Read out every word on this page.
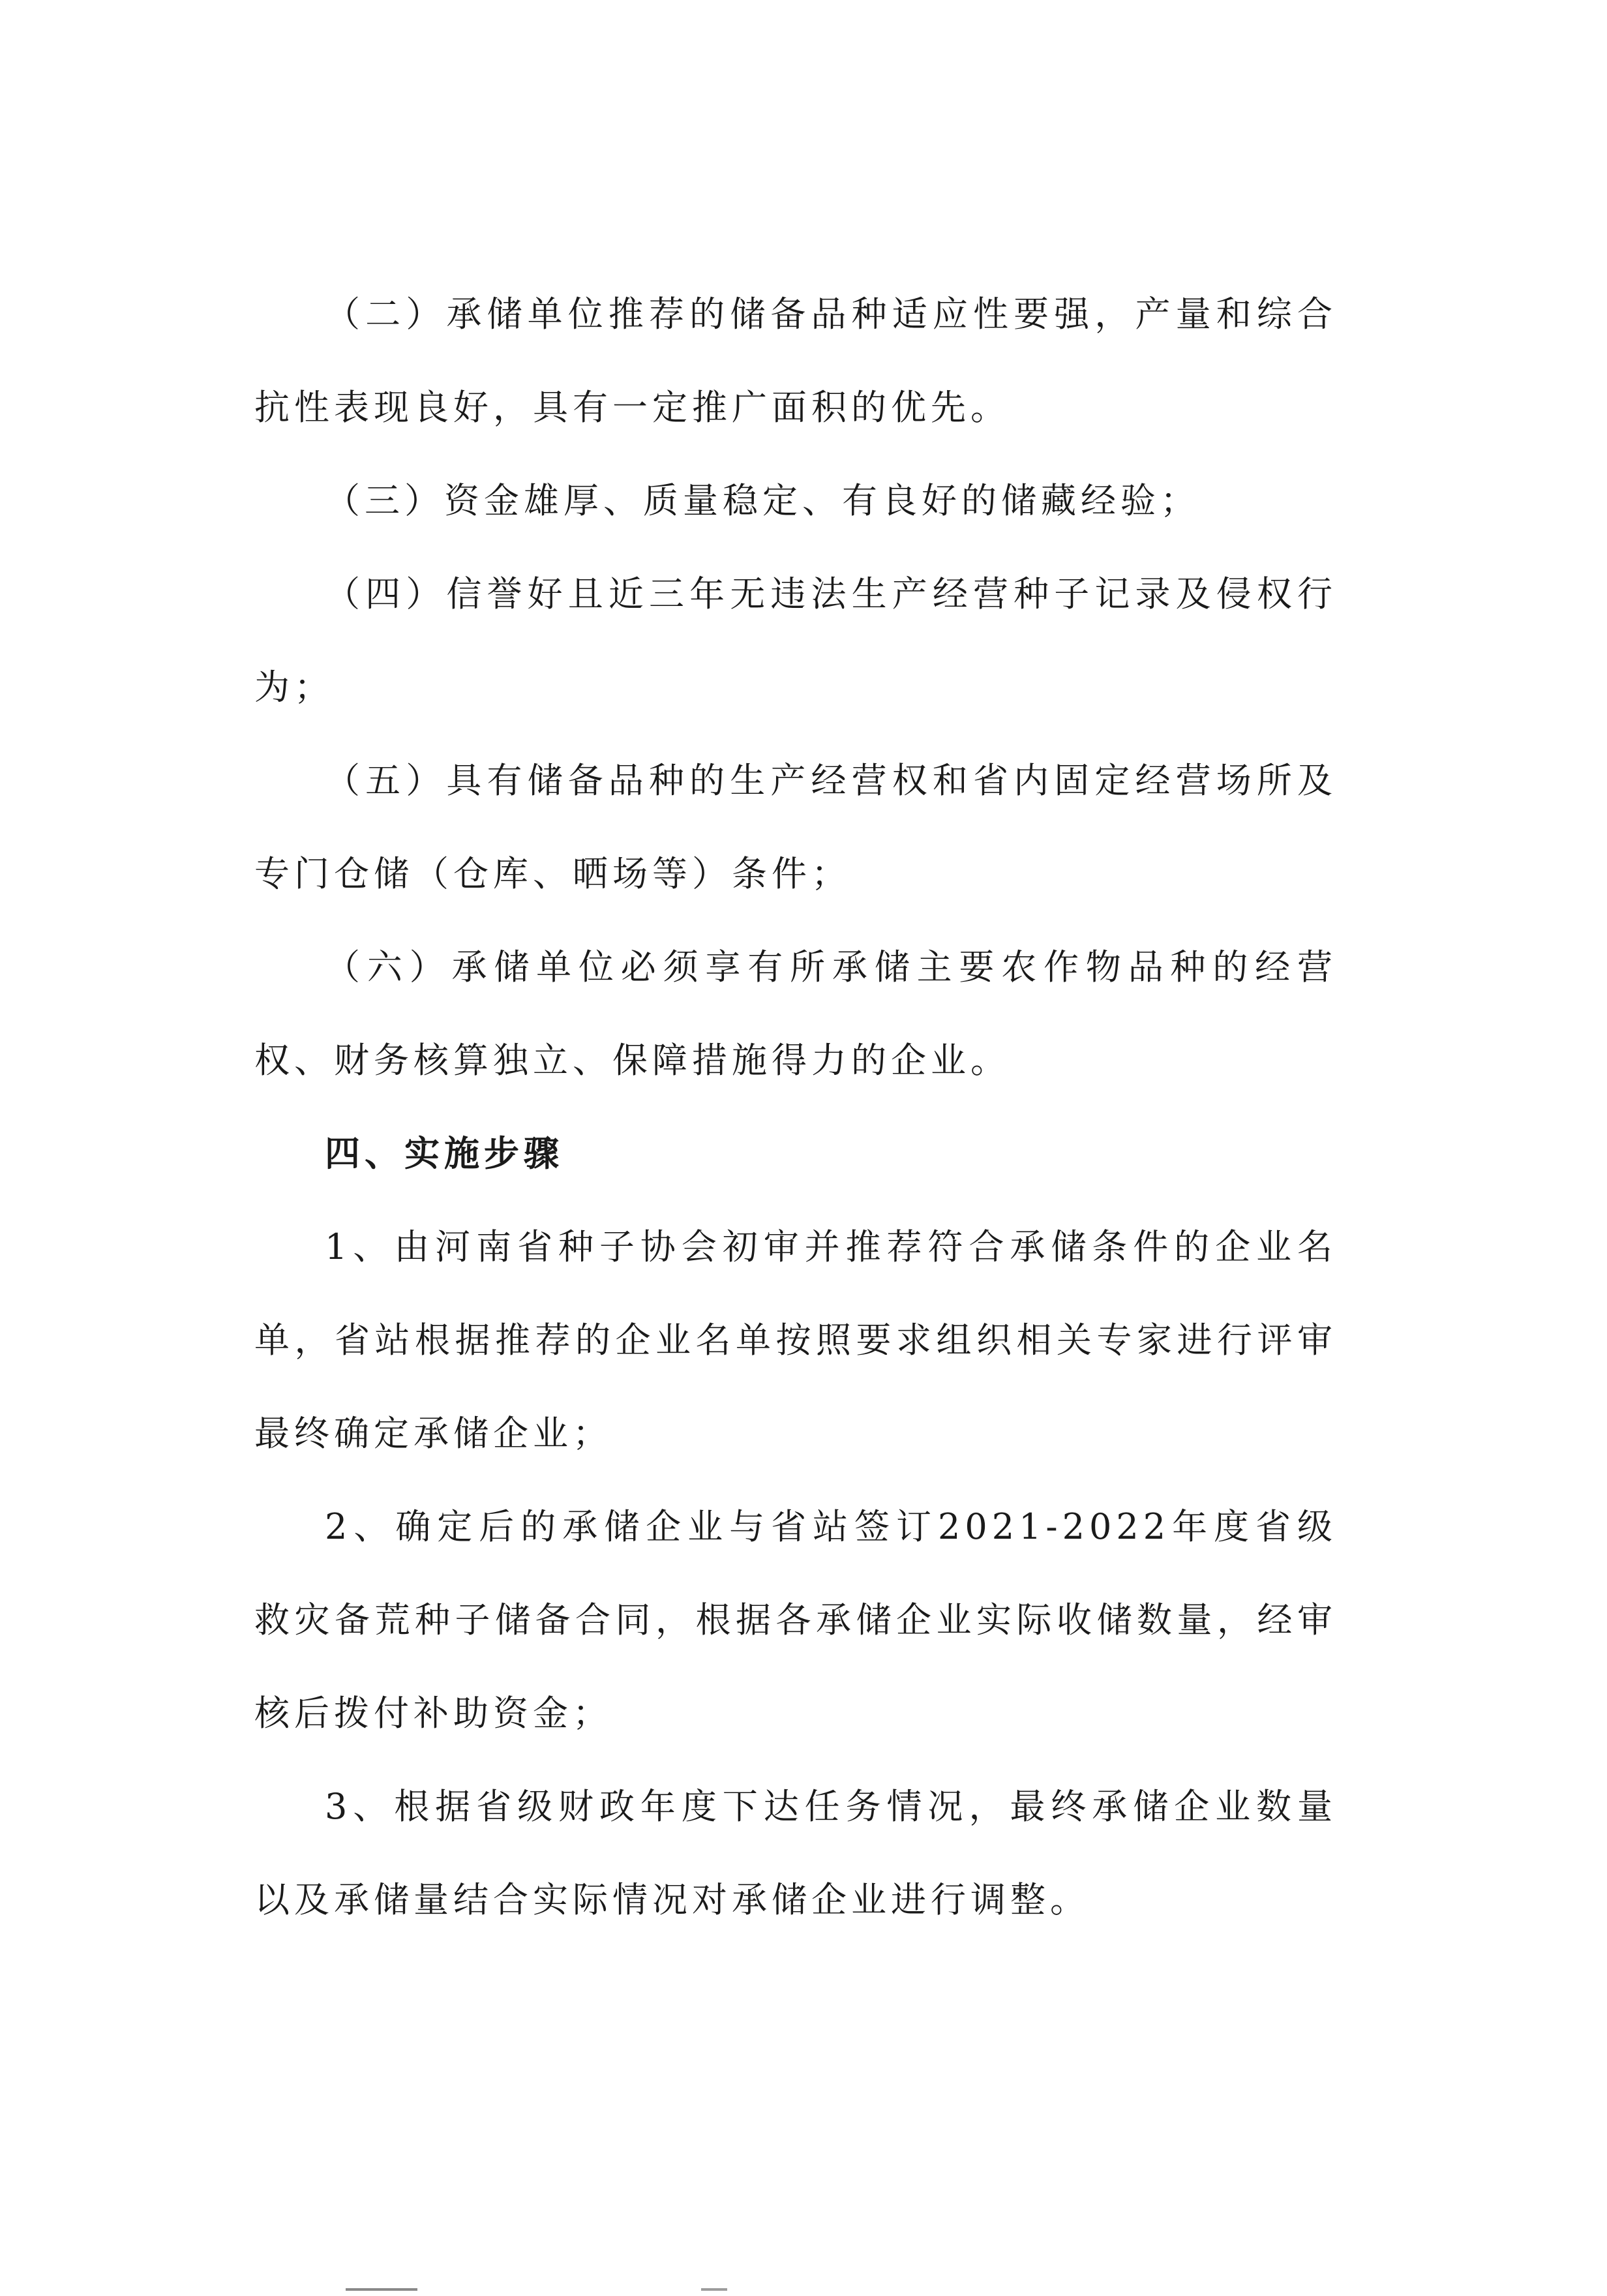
（二）承储单位推荐的储备品种适应性要强，产量和综合抗性表现良好，具有一定推广面积的优先。

（三）资金雄厚、质量稳定、有良好的储藏经验；

（四）信誉好且近三年无违法生产经营种子记录及侵权行为；

（五）具有储备品种的生产经营权和省内固定经营场所及专门仓储（仓库、晒场等）条件；

（六）承储单位必须享有所承储主要农作物品种的经营权、财务核算独立、保障措施得力的企业。

四、实施步骤

1、由河南省种子协会初审并推荐符合承储条件的企业名单，省站根据推荐的企业名单按照要求组织相关专家进行评审最终确定承储企业；

2、确定后的承储企业与省站签订2021-2022年度省级救灾备荒种子储备合同，根据各承储企业实际收储数量，经审核后拨付补助资金；

3、根据省级财政年度下达任务情况，最终承储企业数量以及承储量结合实际情况对承储企业进行调整。
